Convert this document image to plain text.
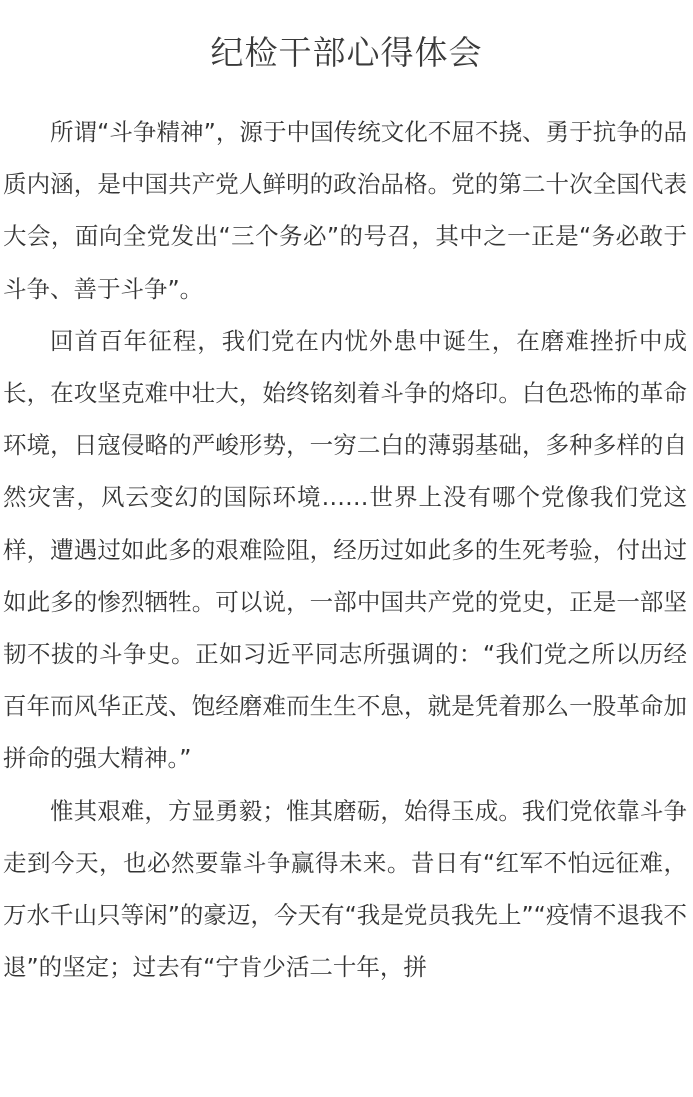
纪检干部心得体会

所谓“斗争精神”，源于中国传统文化不屈不挠、勇于抗争的品质内涵，是中国共产党人鲜明的政治品格。党的第二十次全国代表大会，面向全党发出“三个务必”的号召，其中之一正是“务必敢于斗争、善于斗争”。

回首百年征程，我们党在内忧外患中诞生，在磨难挫折中成长，在攻坚克难中壮大，始终铭刻着斗争的烙印。白色恐怖的革命环境，日寇侵略的严峻形势，一穷二白的薄弱基础，多种多样的自然灾害，风云变幻的国际环境……世界上没有哪个党像我们党这样，遭遇过如此多的艰难险阻，经历过如此多的生死考验，付出过如此多的惨烈牺牲。可以说，一部中国共产党的党史，正是一部坚韧不拔的斗争史。正如习近平同志所强调的：“我们党之所以历经百年而风华正茂、饱经磨难而生生不息，就是凭着那么一股革命加拼命的强大精神。”

惟其艰难，方显勇毅；惟其磨砺，始得玉成。我们党依靠斗争走到今天，也必然要靠斗争赢得未来。昔日有“红军不怕远征难，万水千山只等闲”的豪迈，今天有“我是党员我先上”“疫情不退我不退”的坚定；过去有“宁肯少活二十年，拼
